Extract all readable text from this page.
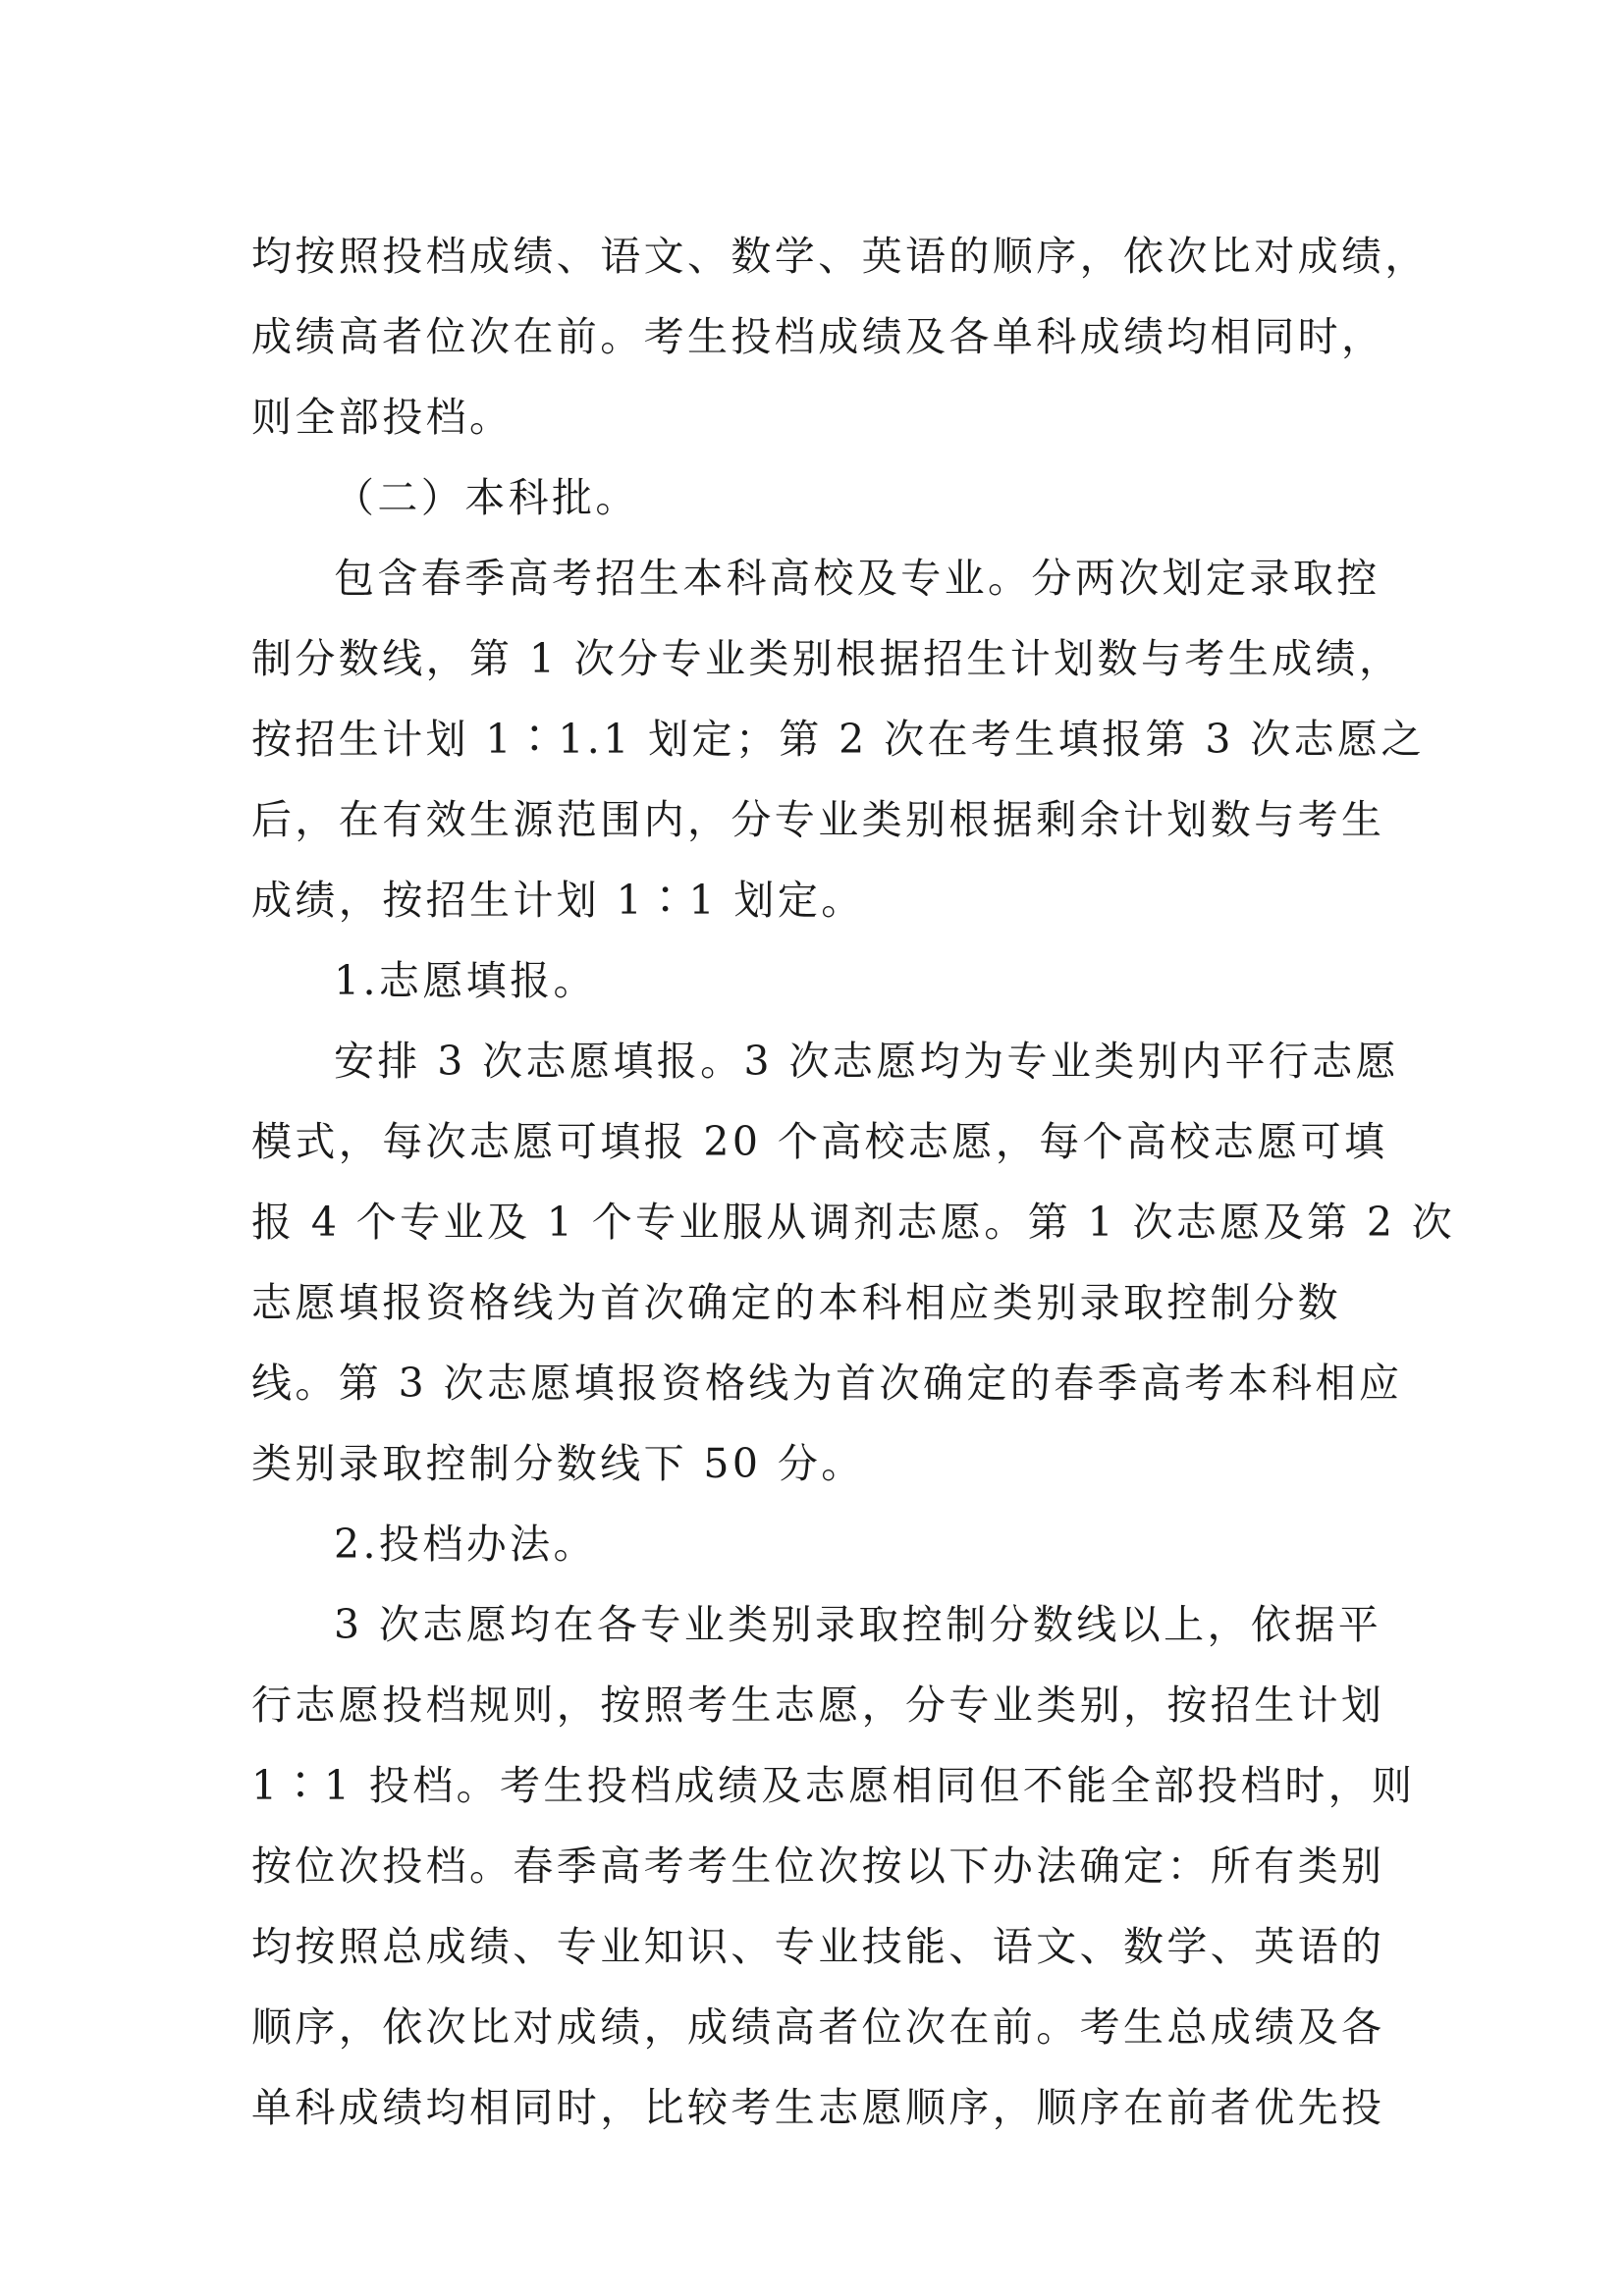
均按照投档成绩、语文、数学、英语的顺序，依次比对成绩，
成绩高者位次在前。考生投档成绩及各单科成绩均相同时，
则全部投档。
（二）本科批。
包含春季高考招生本科高校及专业。分两次划定录取控
制分数线，第 1 次分专业类别根据招生计划数与考生成绩，
按招生计划 1∶1.1 划定；第 2 次在考生填报第 3 次志愿之
后，在有效生源范围内，分专业类别根据剩余计划数与考生
成绩，按招生计划 1∶1 划定。
1.志愿填报。
安排 3 次志愿填报。3 次志愿均为专业类别内平行志愿
模式，每次志愿可填报 20 个高校志愿，每个高校志愿可填
报 4 个专业及 1 个专业服从调剂志愿。第 1 次志愿及第 2 次
志愿填报资格线为首次确定的本科相应类别录取控制分数
线。第 3 次志愿填报资格线为首次确定的春季高考本科相应
类别录取控制分数线下 50 分。
2.投档办法。
3 次志愿均在各专业类别录取控制分数线以上，依据平
行志愿投档规则，按照考生志愿，分专业类别，按招生计划
1∶1 投档。考生投档成绩及志愿相同但不能全部投档时，则
按位次投档。春季高考考生位次按以下办法确定：所有类别
均按照总成绩、专业知识、专业技能、语文、数学、英语的
顺序，依次比对成绩，成绩高者位次在前。考生总成绩及各
单科成绩均相同时，比较考生志愿顺序，顺序在前者优先投
